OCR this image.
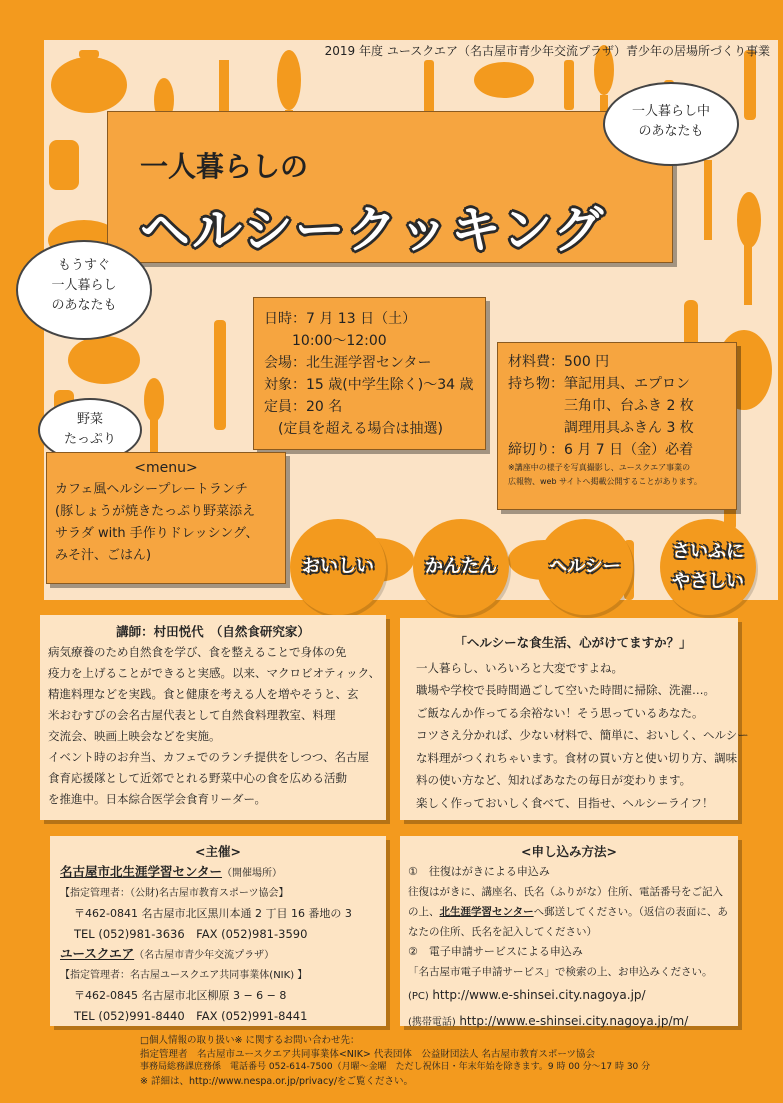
2019 年度 ユースクエア（名古屋市青少年交流プラザ）青少年の居場所づくり事業
一人暮らしの
ヘルシークッキング
一人暮らし中
のあなたも
もうすぐ
一人暮らし
のあなたも
野菜
たっぷり
日時：7 月 13 日（土）
　　10:00〜12:00
会場：北生涯学習センター
対象：15 歳(中学生除く)〜34 歳
定員：20 名
　(定員を超える場合は抽選)
材料費：500 円
持ち物：筆記用具、エプロン
　　　　三角巾、台ふき 2 枚
　　　　調理用具ふきん 3 枚
締切り：6 月 7 日（金）必着
※講座中の様子を写真撮影し、ユースクエア事業の
広報物、web サイトへ掲載公開することがあります。
<menu>
カフェ風ヘルシープレートランチ
(豚しょうが焼きたっぷり野菜添え
サラダ with 手作りドレッシング、
みそ汁、ごはん)
おいしい	かんたん	ヘルシー
さいふに
やさしい
講師：村田悦代　（自然食研究家）
病気療養のため自然食を学び、食を整えることで身体の免
疫力を上げることができると実感。以来、マクロビオティック、
精進料理などを実践。食と健康を考える人を増やそうと、玄
米おむすびの会名古屋代表として自然食料理教室、料理
交流会、映画上映会などを実施。
イベント時のお弁当、カフェでのランチ提供をしつつ、名古屋
食育応援隊として近郊でとれる野菜中心の食を広める活動
を推進中。日本綜合医学会食育リーダー。
「ヘルシーな食生活、心がけてますか？」
一人暮らし、いろいろと大変ですよね。
職場や学校で長時間過ごして空いた時間に掃除、洗濯…。
ご飯なんか作ってる余裕ない！そう思っているあなた。
コツさえ分かれば、少ない材料で、簡単に、おいしく、ヘルシー
な料理がつくれちゃいます。食材の買い方と使い切り方、調味
料の使い方など、知ればあなたの毎日が変わります。
楽しく作っておいしく食べて、目指せ、ヘルシーライフ！
<主催>
名古屋市北生涯学習センター（開催場所）
【指定管理者：（公財)名古屋市教育スポーツ協会】
〒462-0841 名古屋市北区黒川本通 2 丁目 16 番地の 3
TEL (052)981-3636　FAX (052)981-3590
ユースクエア（名古屋市青少年交流プラザ）
【指定管理者：名古屋ユースクエア共同事業体(NIK) 】
〒462-0845 名古屋市北区柳原 3 − 6 − 8
TEL (052)991-8440　FAX (052)991-8441
<申し込み方法>
①　往復はがきによる申込み
往復はがきに、講座名、氏名（ふりがな）住所、電話番号をご記入
の上、北生涯学習センターへ郵送してください。（返信の表面に、あ
なたの住所、氏名を記入してください）
②　電子申請サービスによる申込み
「名古屋市電子申請サービス」で検索の上、お申込みください。
(PC) http://www.e-shinsei.city.nagoya.jp/
(携帯電話) http://www.e-shinsei.city.nagoya.jp/m/
□個人情報の取り扱い※ に関するお問い合わせ先：
指定管理者　名古屋市ユースクエア共同事業体<NIK> 代表団体　公益財団法人 名古屋市教育スポーツ協会
事務局総務課庶務係　電話番号 052-614-7500（月曜〜金曜　ただし祝休日・年末年始を除きます。9 時 00 分〜17 時 30 分
※ 詳細は、http://www.nespa.or.jp/privacy/をご覧ください。
